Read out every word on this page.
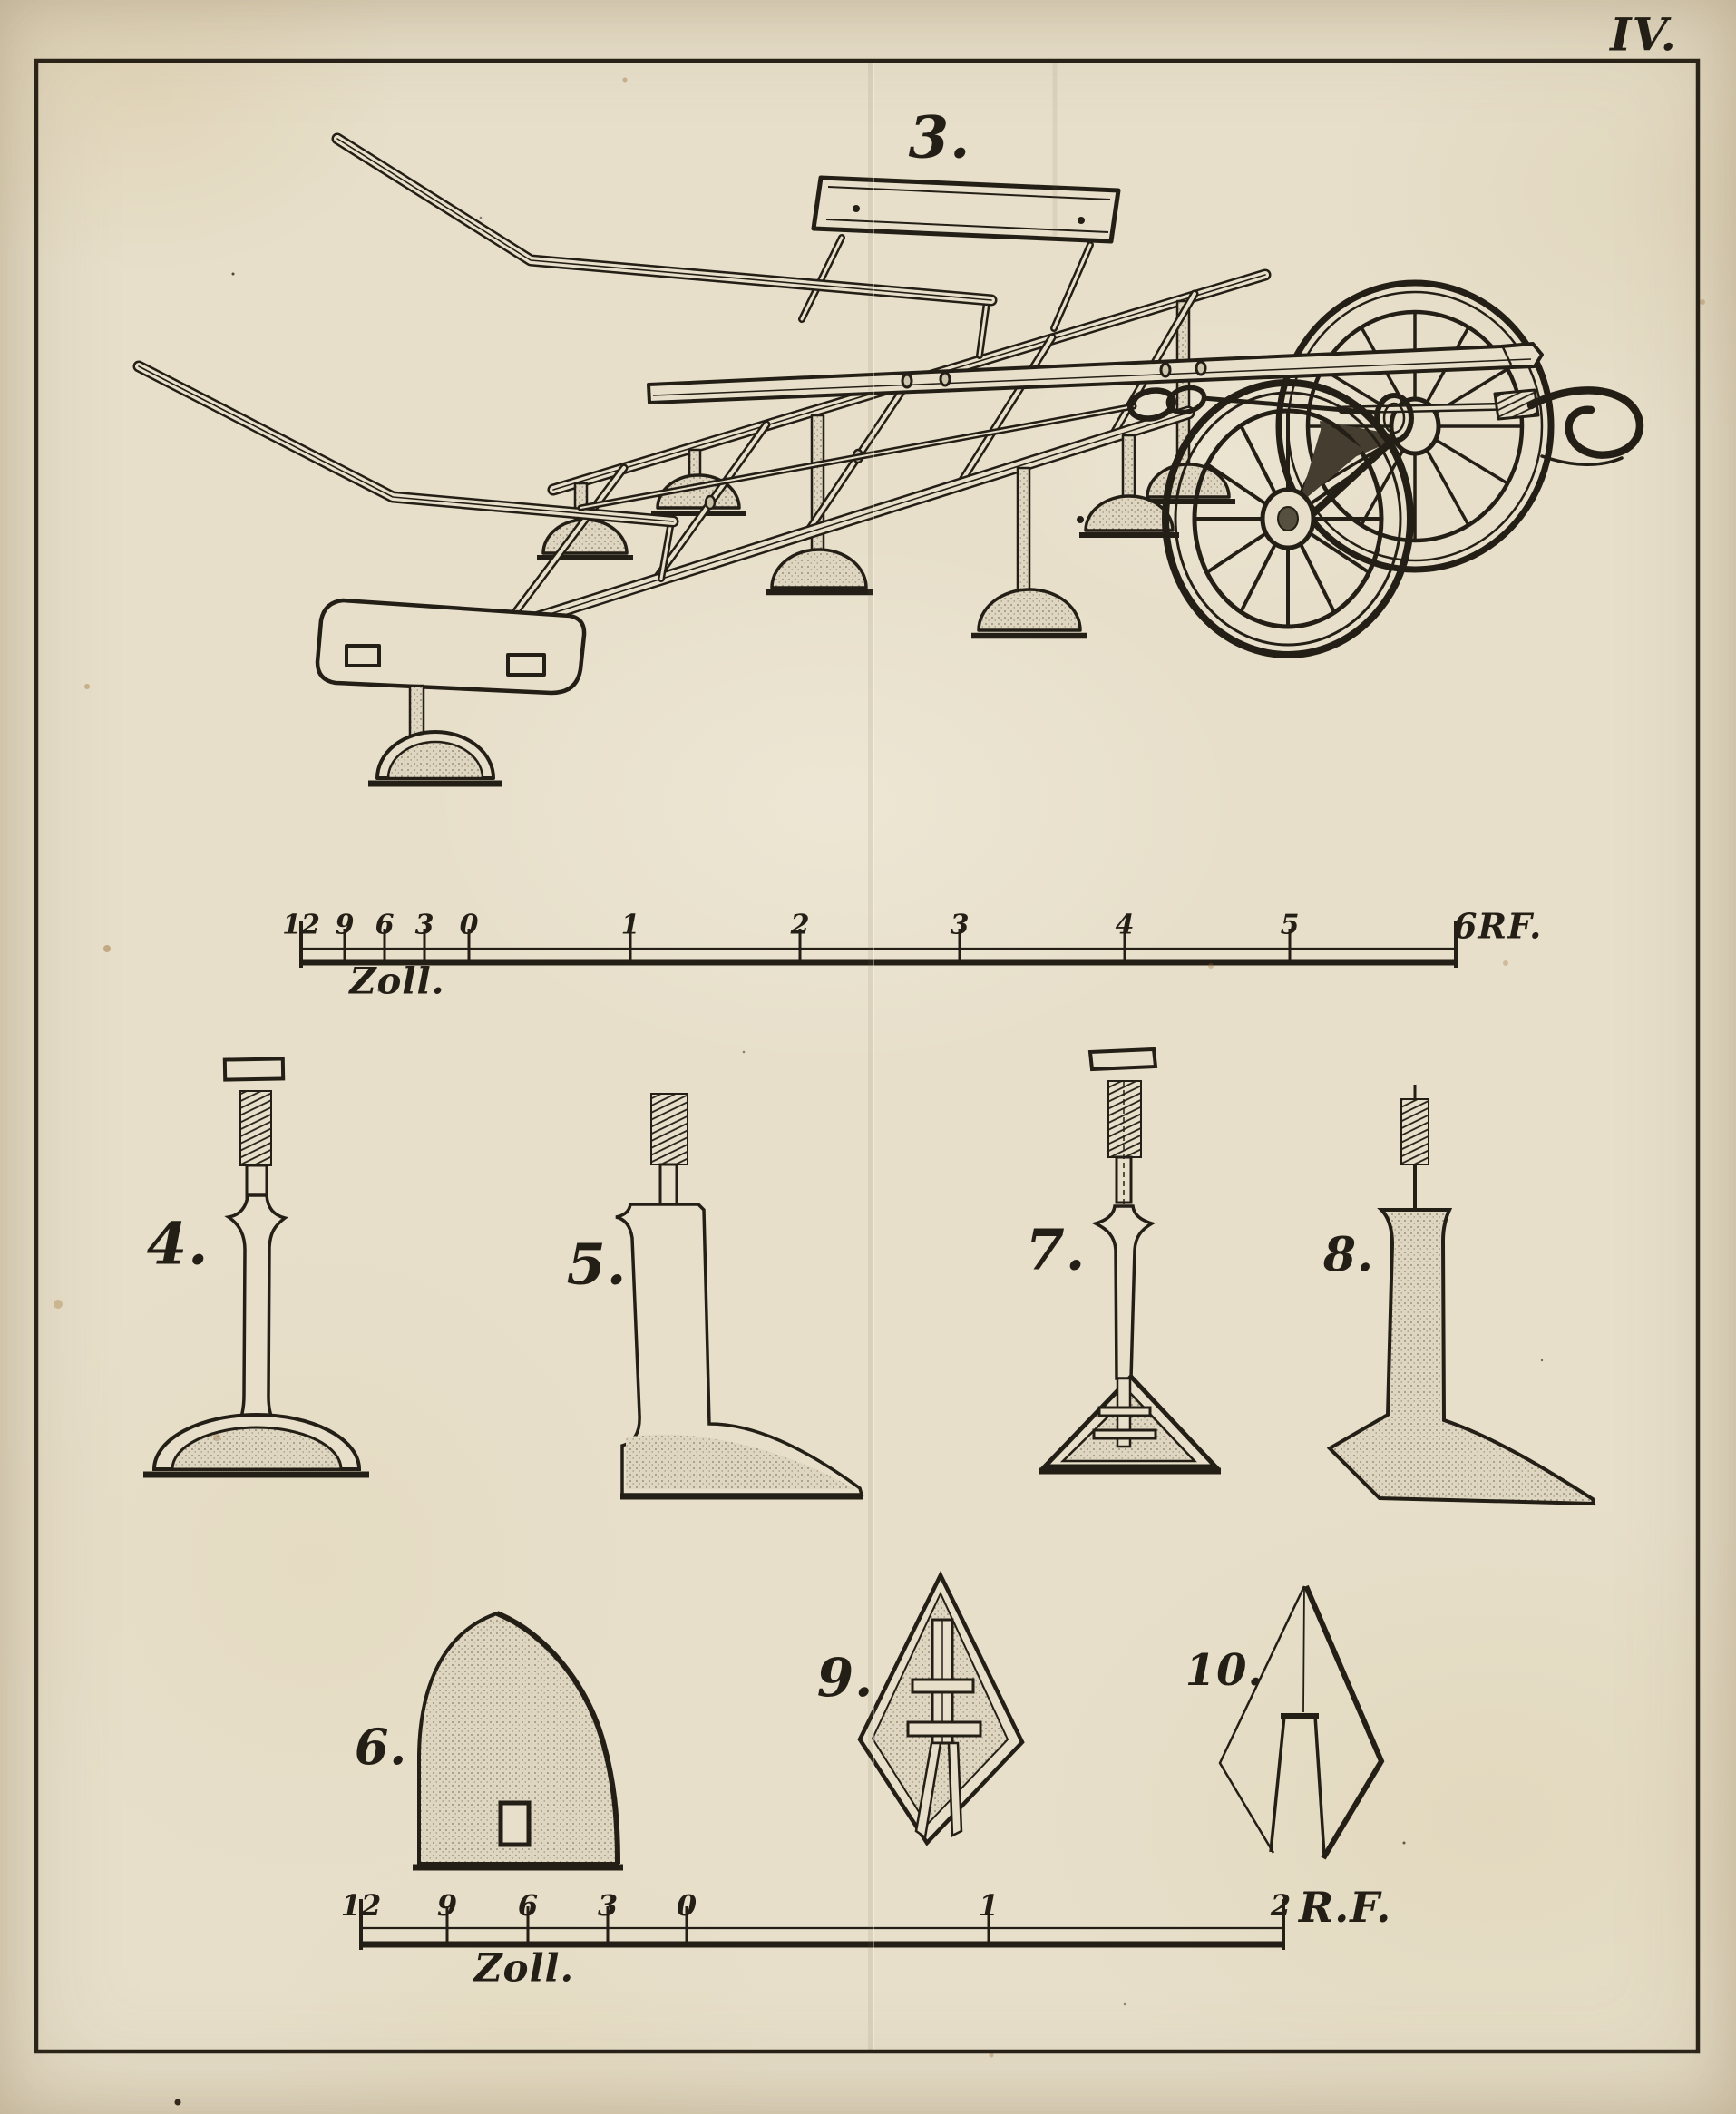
IV.
3.
4.	5.
6.
7.	8.
9.	10.
Zoll.
6RF.
Zoll.
R.F.
12 9 6 3 0	1	2	3	4	5
12 9 6 3 0	1	2
